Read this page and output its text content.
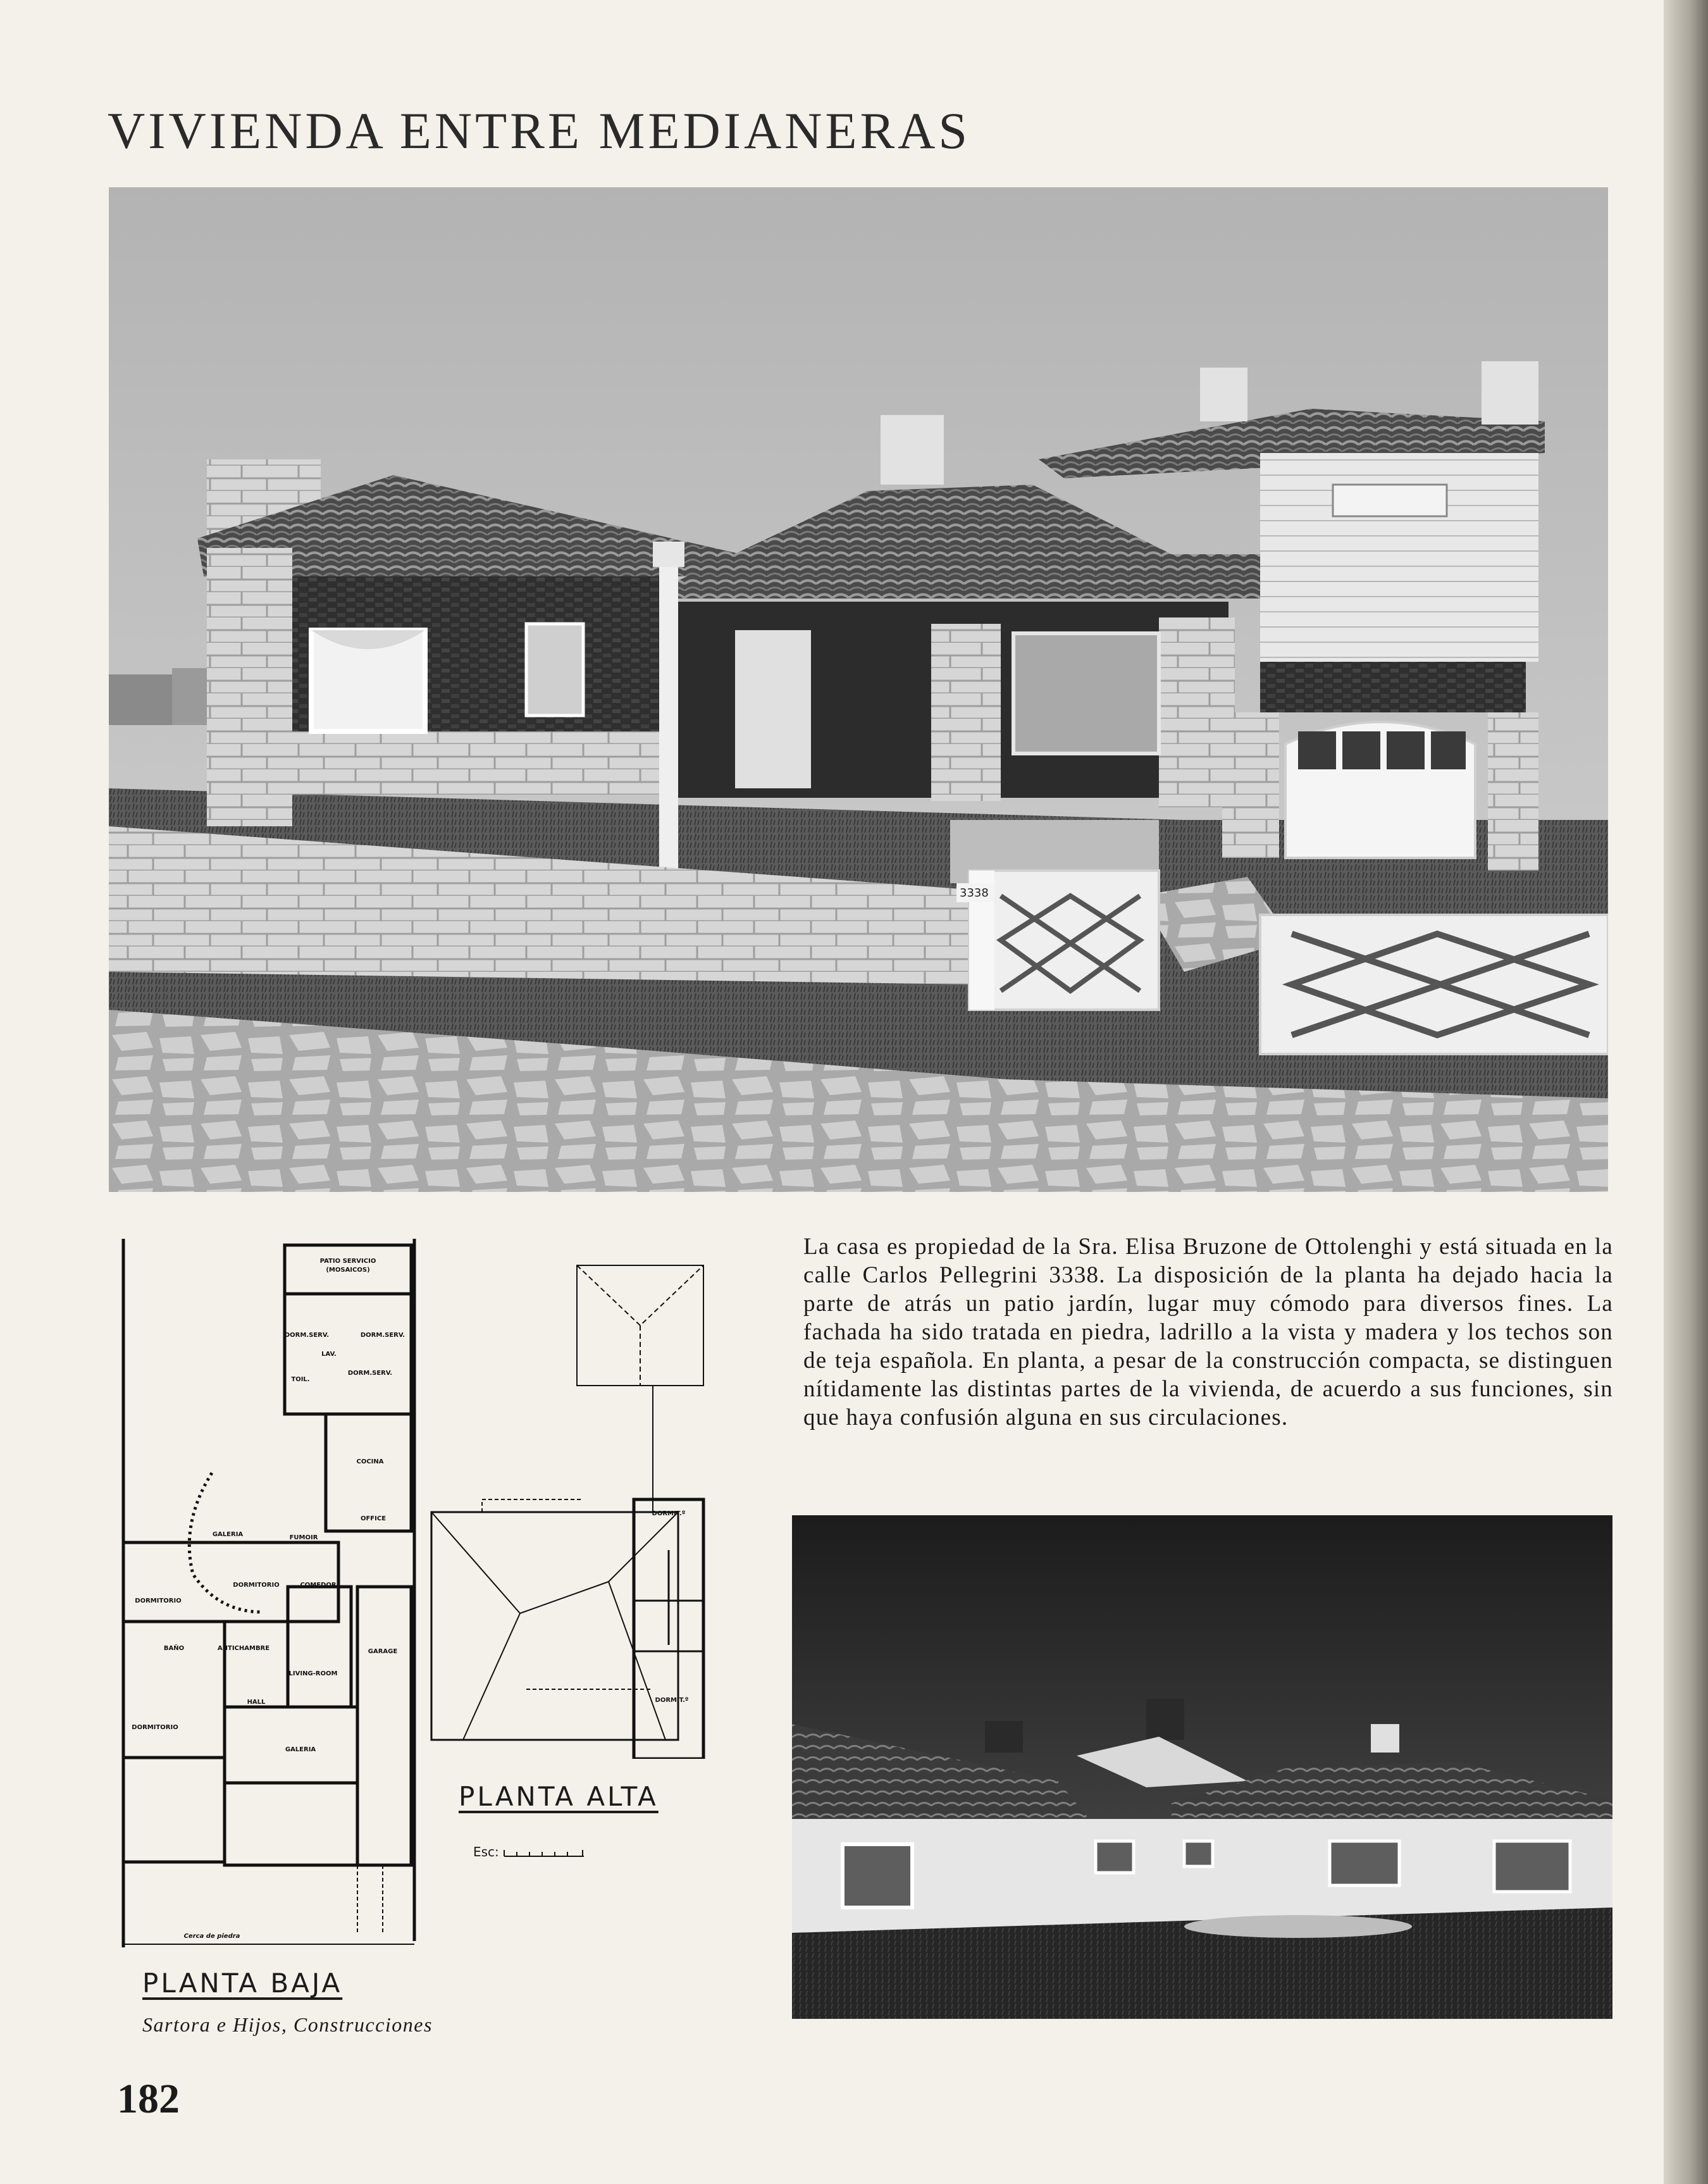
VIVIENDA ENTRE MEDIANERAS
3338
PATIO SERVICIO
(MOSAICOS)
DORM.SERV.	DORM.SERV.
DORM.SERV.
LAV.
TOIL.
COCINA
OFFICE
GALERIA	FUMOIR
DORMITORIO
DORMITORIO	COMEDOR
GARAGE
BAÑO	ANTICHAMBRE
LIVING-ROOM
HALL
DORMITORIO
GALERIA
Cerca de piedra
DORMIT.º
DORMIT.º
PLANTA BAJA
PLANTA ALTA
Esc:

Sartora e Hijos, Construcciones

La casa es propiedad de la Sra. Elisa Bruzone de Ottolenghi y está situada en la calle Carlos Pellegrini 3338. La disposición de la planta ha dejado hacia la parte de atrás un patio jardín, lugar muy cómodo para diversos fines. La fachada ha sido tratada en piedra, ladrillo a la vista y madera y los techos son de teja española. En planta, a pesar de la construcción compacta, se distinguen nítidamente las distintas partes de la vivienda, de acuerdo a sus funciones, sin que haya confusión alguna en sus circulaciones.

182
